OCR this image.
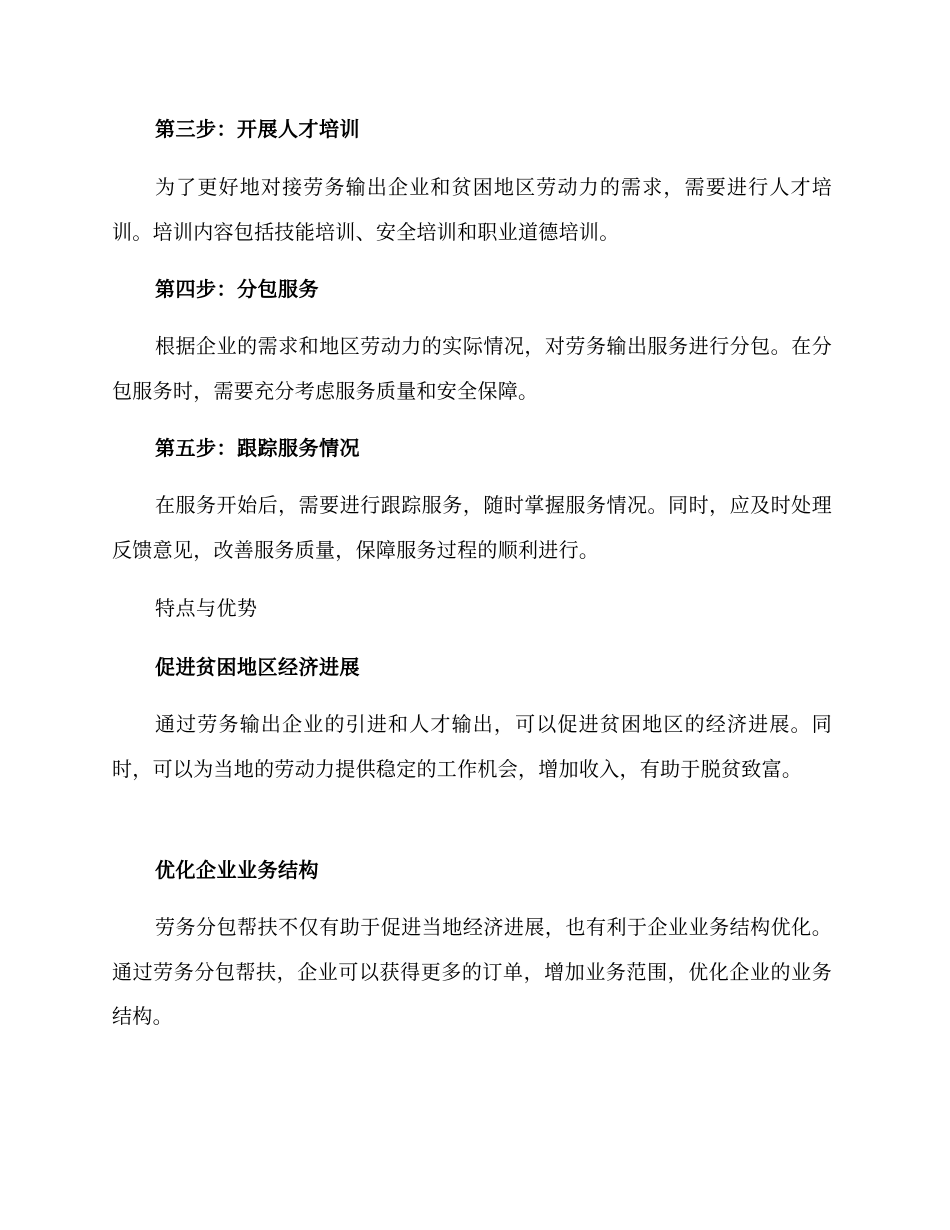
第三步：开展人才培训

为了更好地对接劳务输出企业和贫困地区劳动力的需求，需要进行人才培训。培训内容包括技能培训、安全培训和职业道德培训。

第四步：分包服务

根据企业的需求和地区劳动力的实际情况，对劳务输出服务进行分包。在分包服务时，需要充分考虑服务质量和安全保障。

第五步：跟踪服务情况

在服务开始后，需要进行跟踪服务，随时掌握服务情况。同时，应及时处理反馈意见，改善服务质量，保障服务过程的顺利进行。

特点与优势
促进贫困地区经济进展

通过劳务输出企业的引进和人才输出，可以促进贫困地区的经济进展。同时，可以为当地的劳动力提供稳定的工作机会，增加收入，有助于脱贫致富。

优化企业业务结构

劳务分包帮扶不仅有助于促进当地经济进展，也有利于企业业务结构优化。通过劳务分包帮扶，企业可以获得更多的订单，增加业务范围，优化企业的业务结构。
